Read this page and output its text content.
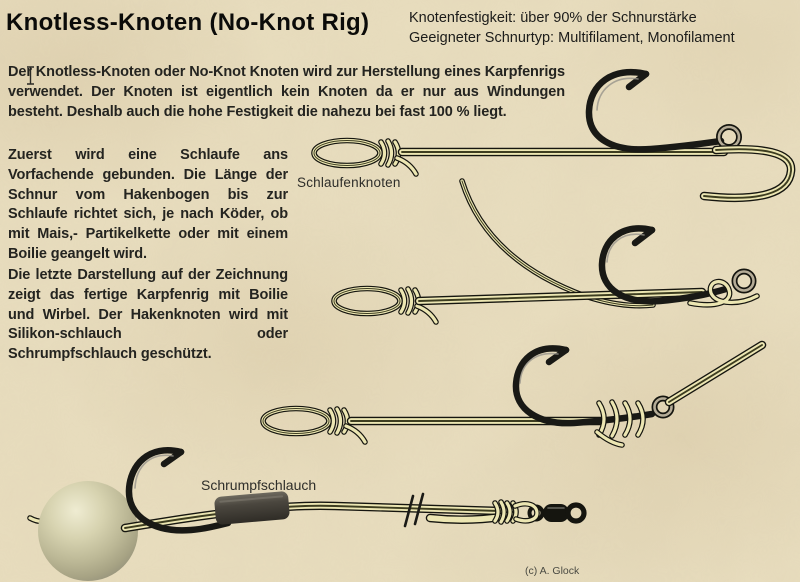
Knotless-Knoten (No-Knot Rig)	Knotenfestigkeit: über 90% der Schnurstärke
Geeigneter Schnurtyp: Multifilament, Monofilament
Der Knotless-Knoten oder No-Knot Knoten wird zur Herstellung eines Karpfenrigs verwendet. Der Knoten ist eigentlich kein Knoten da er nur aus Windungen besteht. Deshalb auch die hohe Festigkeit die nahezu bei fast 100 % liegt.
Zuerst wird eine Schlaufe ans Vorfachende gebunden. Die Länge der Schnur vom Hakenbogen bis zur Schlaufe richtet sich, je nach Köder, ob mit Mais,- Partikelkette oder mit einem Boilie geangelt wird.
Die letzte Darstellung auf der Zeichnung zeigt das fertige Karpfenrig mit Boilie und Wirbel. Der Hakenknoten wird mit Silikon-schlauch oder Schrumpfschlauch geschützt.
Schlaufenknoten
Schrumpfschlauch
(c) A. Glock
